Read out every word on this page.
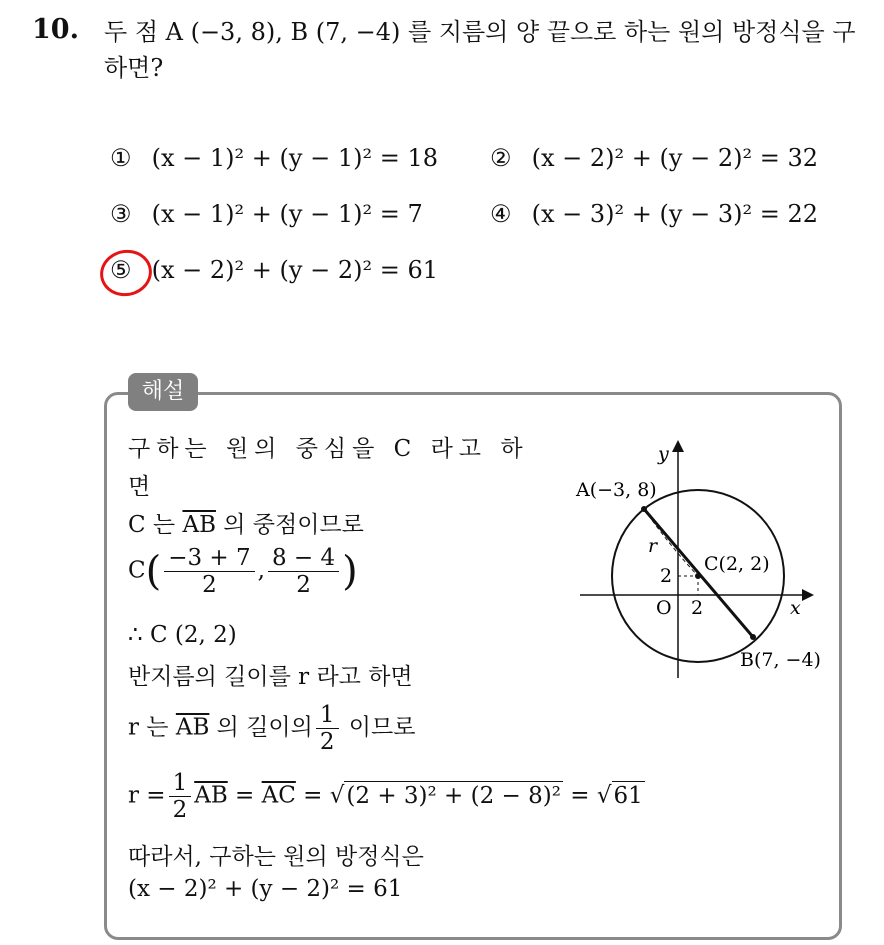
10. 두 점 A (−3, 8), B (7, −4) 를 지름의 양 끝으로 하는 원의 방정식을 구하면?
① (x − 1)² + (y − 1)² = 18 ② (x − 2)² + (y − 2)² = 32
③ (x − 1)² + (y − 1)² = 7	④ (x − 3)² + (y − 3)² = 22
⑤ (x − 2)² + (y − 2)² = 61
해설
구하는 원의 중심을 C 라고 하
면
C 는 $\overline{AB}$ 의 중점이므로
$C( \frac{-3 + 7}{2}$ , $\frac{8 - 4}{2}$ )
∴ C (2, 2)
반지름의 길이를 r 라고 하면
r 는 $\overline{AB}$ 의 길이의 $\frac{1}{2}$ 이므로
$r = \frac{1}{2} \overline{AB} = \overline{AC} = √(2 + 3)^2 + (2 - 8)^2 = √61$
따라서, 구하는 원의 방정식은
(x − 2)² + (y − 2)² = 61
A(−3, 8)
B(7, −4)
C(2, 2)
O	x
y
r
2
2
